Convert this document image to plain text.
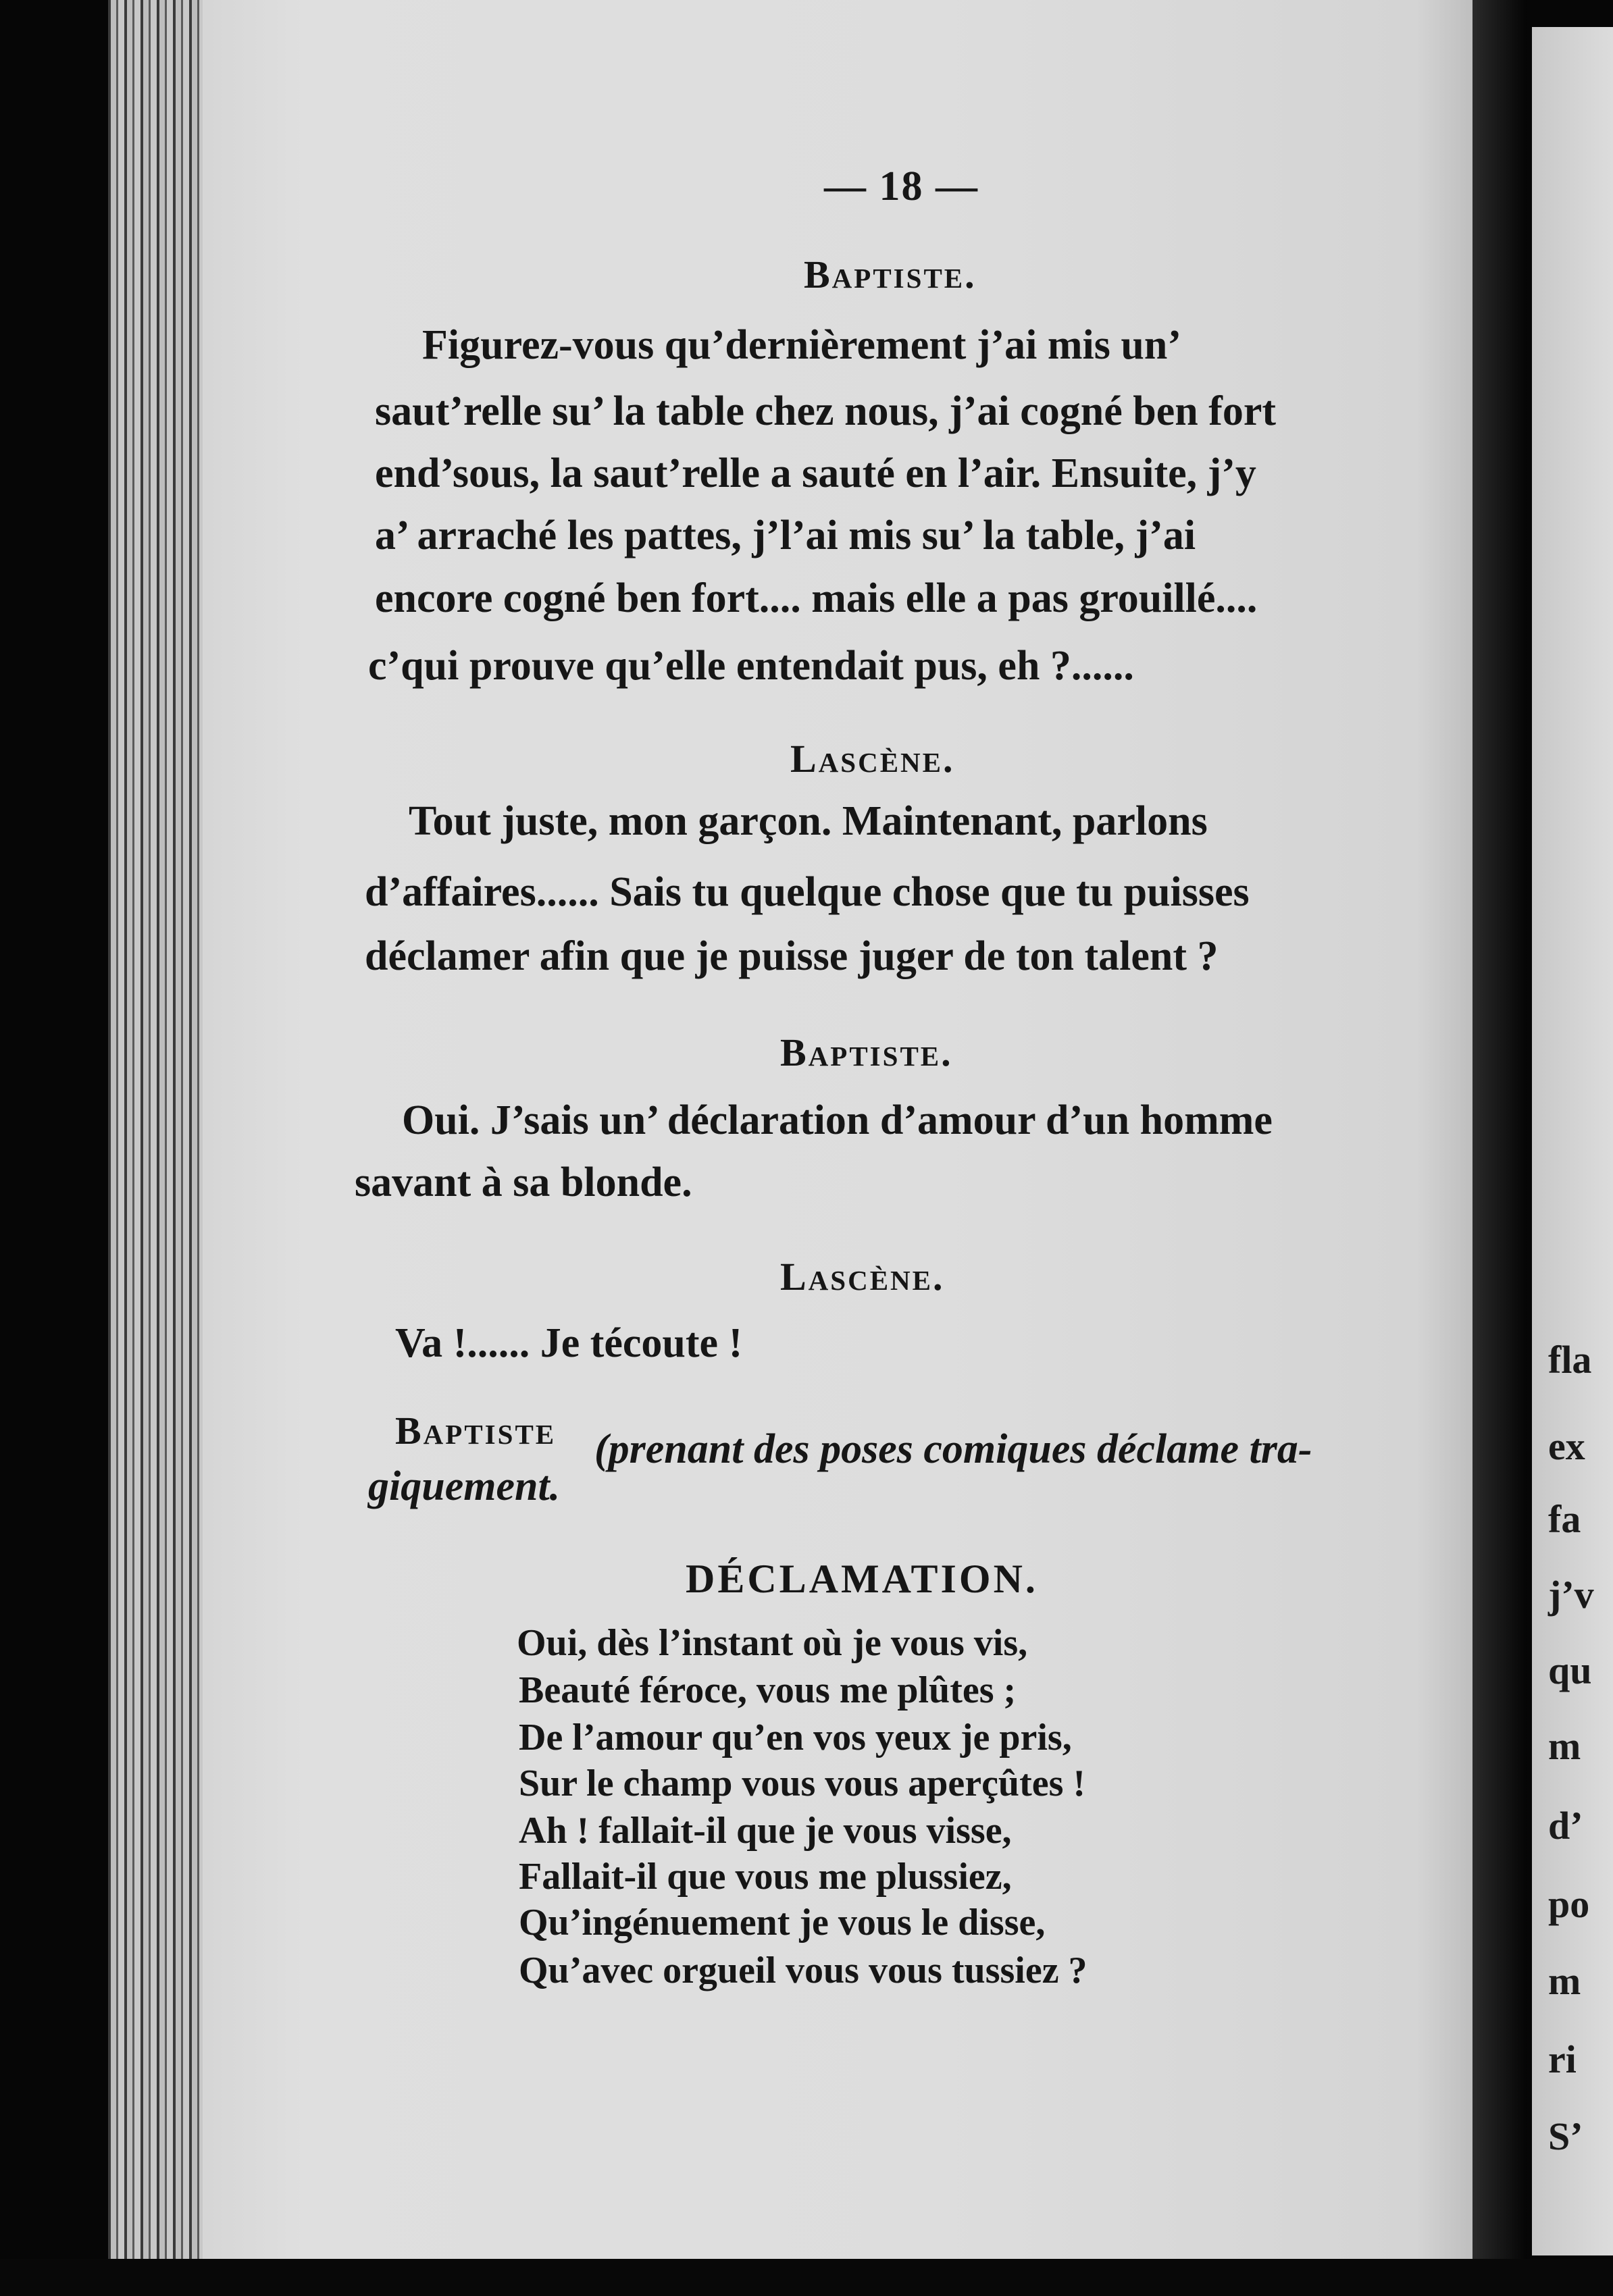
fla
ex
fa
j’v
qu
m
d’
po
m
ri
S’
— 18 —
Baptiste.
Figurez-vous qu’dernièrement j’ai mis un’
saut’relle su’ la table chez nous, j’ai cogné ben fort
end’sous, la saut’relle a sauté en l’air. Ensuite, j’y
a’ arraché les pattes, j’l’ai mis su’ la table, j’ai
encore cogné ben fort.... mais elle a pas grouillé....
c’qui prouve qu’elle entendait pus, eh ?......
Lascène.
Tout juste, mon garçon. Maintenant, parlons
d’affaires...... Sais tu quelque chose que tu puisses
déclamer afin que je puisse juger de ton talent ?
Baptiste.
Oui. J’sais un’ déclaration d’amour d’un homme
savant à sa blonde.
Lascène.
Va !...... Je técoute !
Baptiste (prenant des poses comiques déclame tra-
giquement.
DÉCLAMATION.
Oui, dès l’instant où je vous vis,
Beauté féroce, vous me plûtes ;
De l’amour qu’en vos yeux je pris,
Sur le champ vous vous aperçûtes !
Ah ! fallait-il que je vous visse,
Fallait-il que vous me plussiez,
Qu’ingénuement je vous le disse,
Qu’avec orgueil vous vous tussiez ?
